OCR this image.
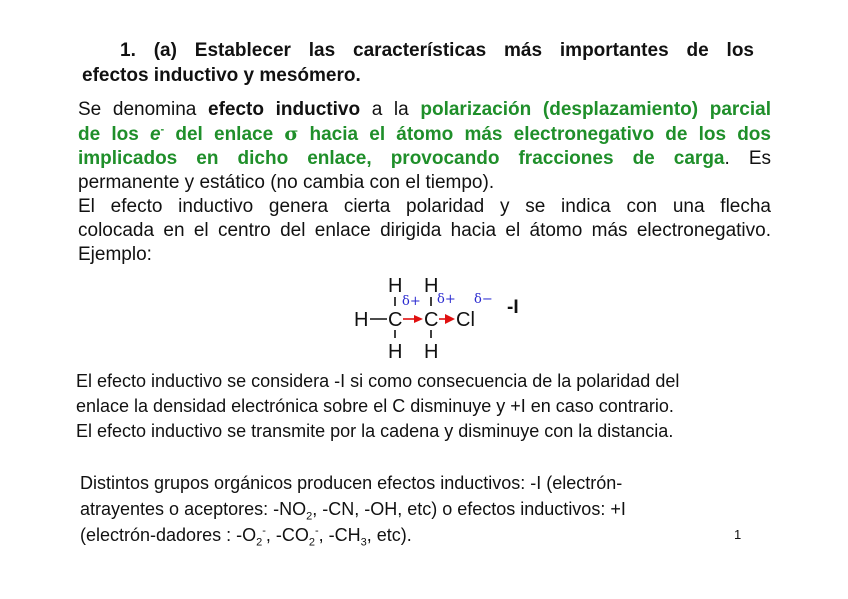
1. (a) Establecer las características más importantes de los
efectos inductivo y mesómero.
Se denomina efecto inductivo a la polarización (desplazamiento) parcial
de los e- del enlace σ hacia el átomo más electronegativo de los dos
implicados en dicho enlace, provocando fracciones de carga. Es
permanente y estático (no cambia con el tiempo).
El efecto inductivo genera cierta polaridad y se indica con una flecha
colocada en el centro del enlace dirigida hacia el átomo más electronegativo.
Ejemplo:
H H
H C C Cl
H H
δ+ δ+ δ− -I
El efecto inductivo se considera -I si como consecuencia de la polaridad del
enlace la densidad electrónica sobre el C disminuye y +I en caso contrario.
El efecto inductivo se transmite por la cadena y disminuye con la distancia.
Distintos grupos orgánicos producen efectos inductivos: -I (electrón-
atrayentes o aceptores: $-NO_2$, -CN, -OH, etc) o efectos inductivos: +I
(electrón-dadores : $-O_2^-$, $-CO_2^-$, $-CH_3$, etc).	1
